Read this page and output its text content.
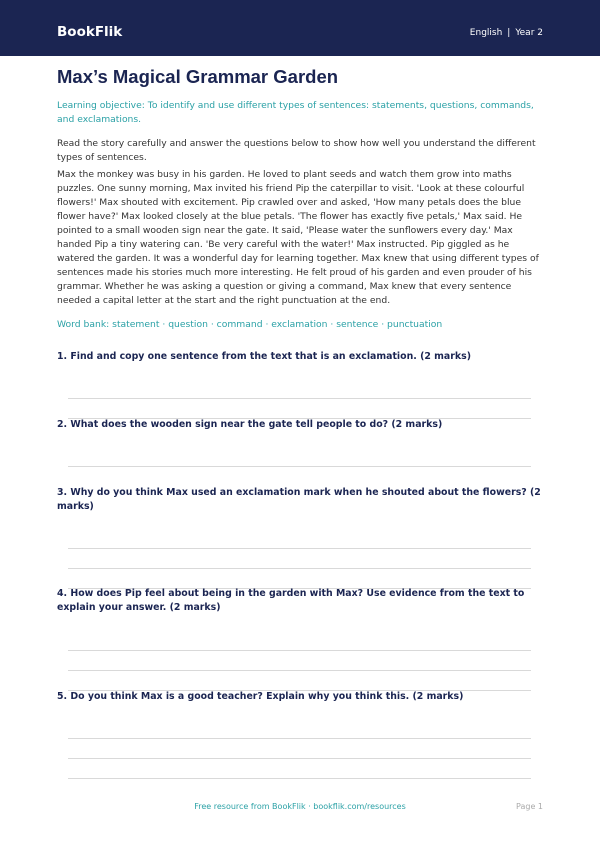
BookFlik	English | Year 2
Max’s Magical Grammar Garden

Learning objective: To identify and use different types of sentences: statements, questions, commands, and exclamations.

Read the story carefully and answer the questions below to show how well you understand the different types of sentences.

Max the monkey was busy in his garden. He loved to plant seeds and watch them grow into maths puzzles. One sunny morning, Max invited his friend Pip the caterpillar to visit. 'Look at these colourful flowers!' Max shouted with excitement. Pip crawled over and asked, 'How many petals does the blue flower have?' Max looked closely at the blue petals. 'The flower has exactly five petals,' Max said. He pointed to a small wooden sign near the gate. It said, 'Please water the sunflowers every day.' Max handed Pip a tiny watering can. 'Be very careful with the water!' Max instructed. Pip giggled as he watered the garden. It was a wonderful day for learning together. Max knew that using different types of sentences made his stories much more interesting. He felt proud of his garden and even prouder of his grammar. Whether he was asking a question or giving a command, Max knew that every sentence needed a capital letter at the start and the right punctuation at the end.

Word bank: statement · question · command · exclamation · sentence · punctuation

1. Find and copy one sentence from the text that is an exclamation. (2 marks)

2. What does the wooden sign near the gate tell people to do? (2 marks)

3. Why do you think Max used an exclamation mark when he shouted about the flowers? (2 marks)

4. How does Pip feel about being in the garden with Max? Use evidence from the text to explain your answer. (2 marks)

5. Do you think Max is a good teacher? Explain why you think this. (2 marks)

Free resource from BookFlik · bookflik.com/resources	Page 1
